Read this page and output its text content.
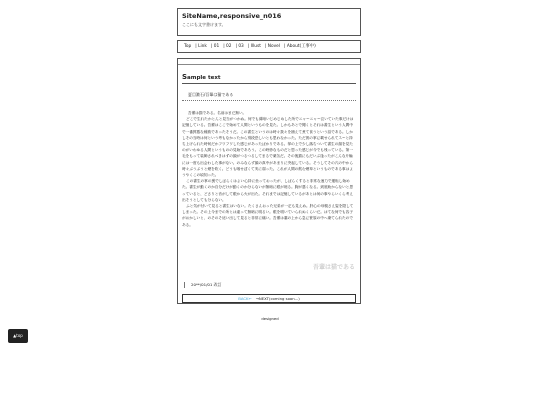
SiteName,responsive_n016
ここにも文字書けます。
Top | Link | 01 | 02 | 03 | Illust | Novel | About(工事中)
Sample text
夏目漱石/吾輩は猫である

吾輩は猫である。名前はまだ無い。

どこで生れたかとんと見当がつかぬ。何でも薄暗いじめじめした所でニャーニャー泣いていた事だけは記憶している。吾輩はここで始めて人間というものを見た。しかもあとで聞くとそれは書生という人間中で一番獰悪な種族であったそうだ。この書生というのは時々我々を捕えて煮て食うという話である。しかしその当時は何という考もなかったから別段恐しいとも思わなかった。ただ彼の掌に載せられてスーと持ち上げられた時何だかフワフワした感じがあったばかりである。掌の上で少し落ちついて書生の顔を見たのがいわゆる人間というものの見始であろう。この時妙なものだと思った感じが今でも残っている。第一毛をもって装飾されべきはずの顔がつるつるしてまるで薬缶だ。その後猫にもだいぶ逢ったがこんな片輪には一度も出会わした事がない。のみならず顔の真中があまりに突起している。そうしてその穴の中から時々ぷうぷうと煙を吹く。どうも咽せぽくて実に弱った。これが人間の飲む煙草というものである事はようやくこの頃知った。

この書生の掌の裏でしばらくはよい心持に坐っておったが、しばらくすると非常な速力で運転し始めた。書生が動くのか自分だけが動くのか分らないが無暗に眼が廻る。胸が悪くなる。到底助からないと思っていると、どさりと音がして眼から火が出た。それまでは記憶しているがあとは何の事やらいくら考え出そうとしても分らない。

ふと気が付いて見ると書生はいない。たくさんおった兄弟が一疋も見えぬ。肝心の母親さえ姿を隠してしまった。その上今までの所とは違って無暗に明るい。眼を明いていられぬくらいだ。はてな何でも容子がおかしいと、のそのそ這い出して見ると非常に痛い。吾輩は藁の上から急に笹原の中へ棄てられたのである。

吾輩は猫である
20**/01/01 改訂
BACK← →NEXT(coming soon...)
designed
▲top
